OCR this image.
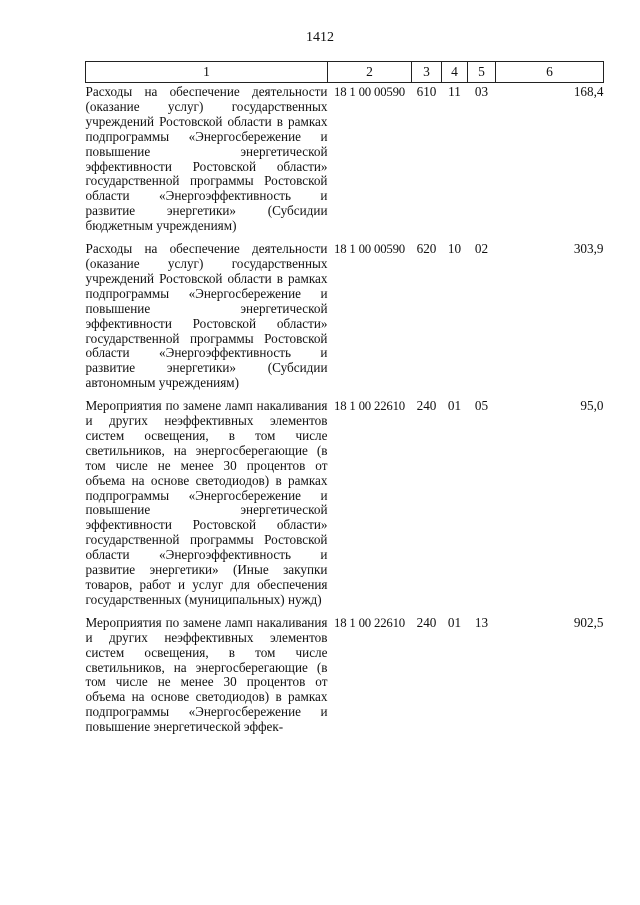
1412
1	2	3	4	5	6
Расходы на обеспечение деятельности (оказание услуг) государственных учреждений Ростовской области в рамках подпрограммы «Энергосбережение и повышение энергетической эффективности Ростовской области» государственной программы Ростовской области «Энергоэффективность и развитие энергетики» (Субсидии бюджетным учреждениям)	18 1 00 00590	610	11	03	168,4
Расходы на обеспечение деятельности (оказание услуг) государственных учреждений Ростовской области в рамках подпрограммы «Энергосбережение и повышение энергетической эффективности Ростовской области» государственной программы Ростовской области «Энергоэффективность и развитие энергетики» (Субсидии автономным учреждениям)	18 1 00 00590	620	10	02	303,9
Мероприятия по замене ламп накаливания и других неэффективных элементов систем освещения, в том числе светильников, на энергосберегающие (в том числе не менее 30 процентов от объема на основе светодиодов) в рамках подпрограммы «Энергосбережение и повышение энергетической эффективности Ростовской области» государственной программы Ростовской области «Энергоэффективность и развитие энергетики» (Иные закупки товаров, работ и услуг для обеспечения государственных (муниципальных) нужд)	18 1 00 22610	240	01	05	95,0
Мероприятия по замене ламп накаливания и других неэффективных элементов систем освещения, в том числе светильников, на энергосберегающие (в том числе не менее 30 процентов от объема на основе светодиодов) в рамках подпрограммы «Энергосбережение и повышение энергетической эффек-	18 1 00 22610	240	01	13	902,5
